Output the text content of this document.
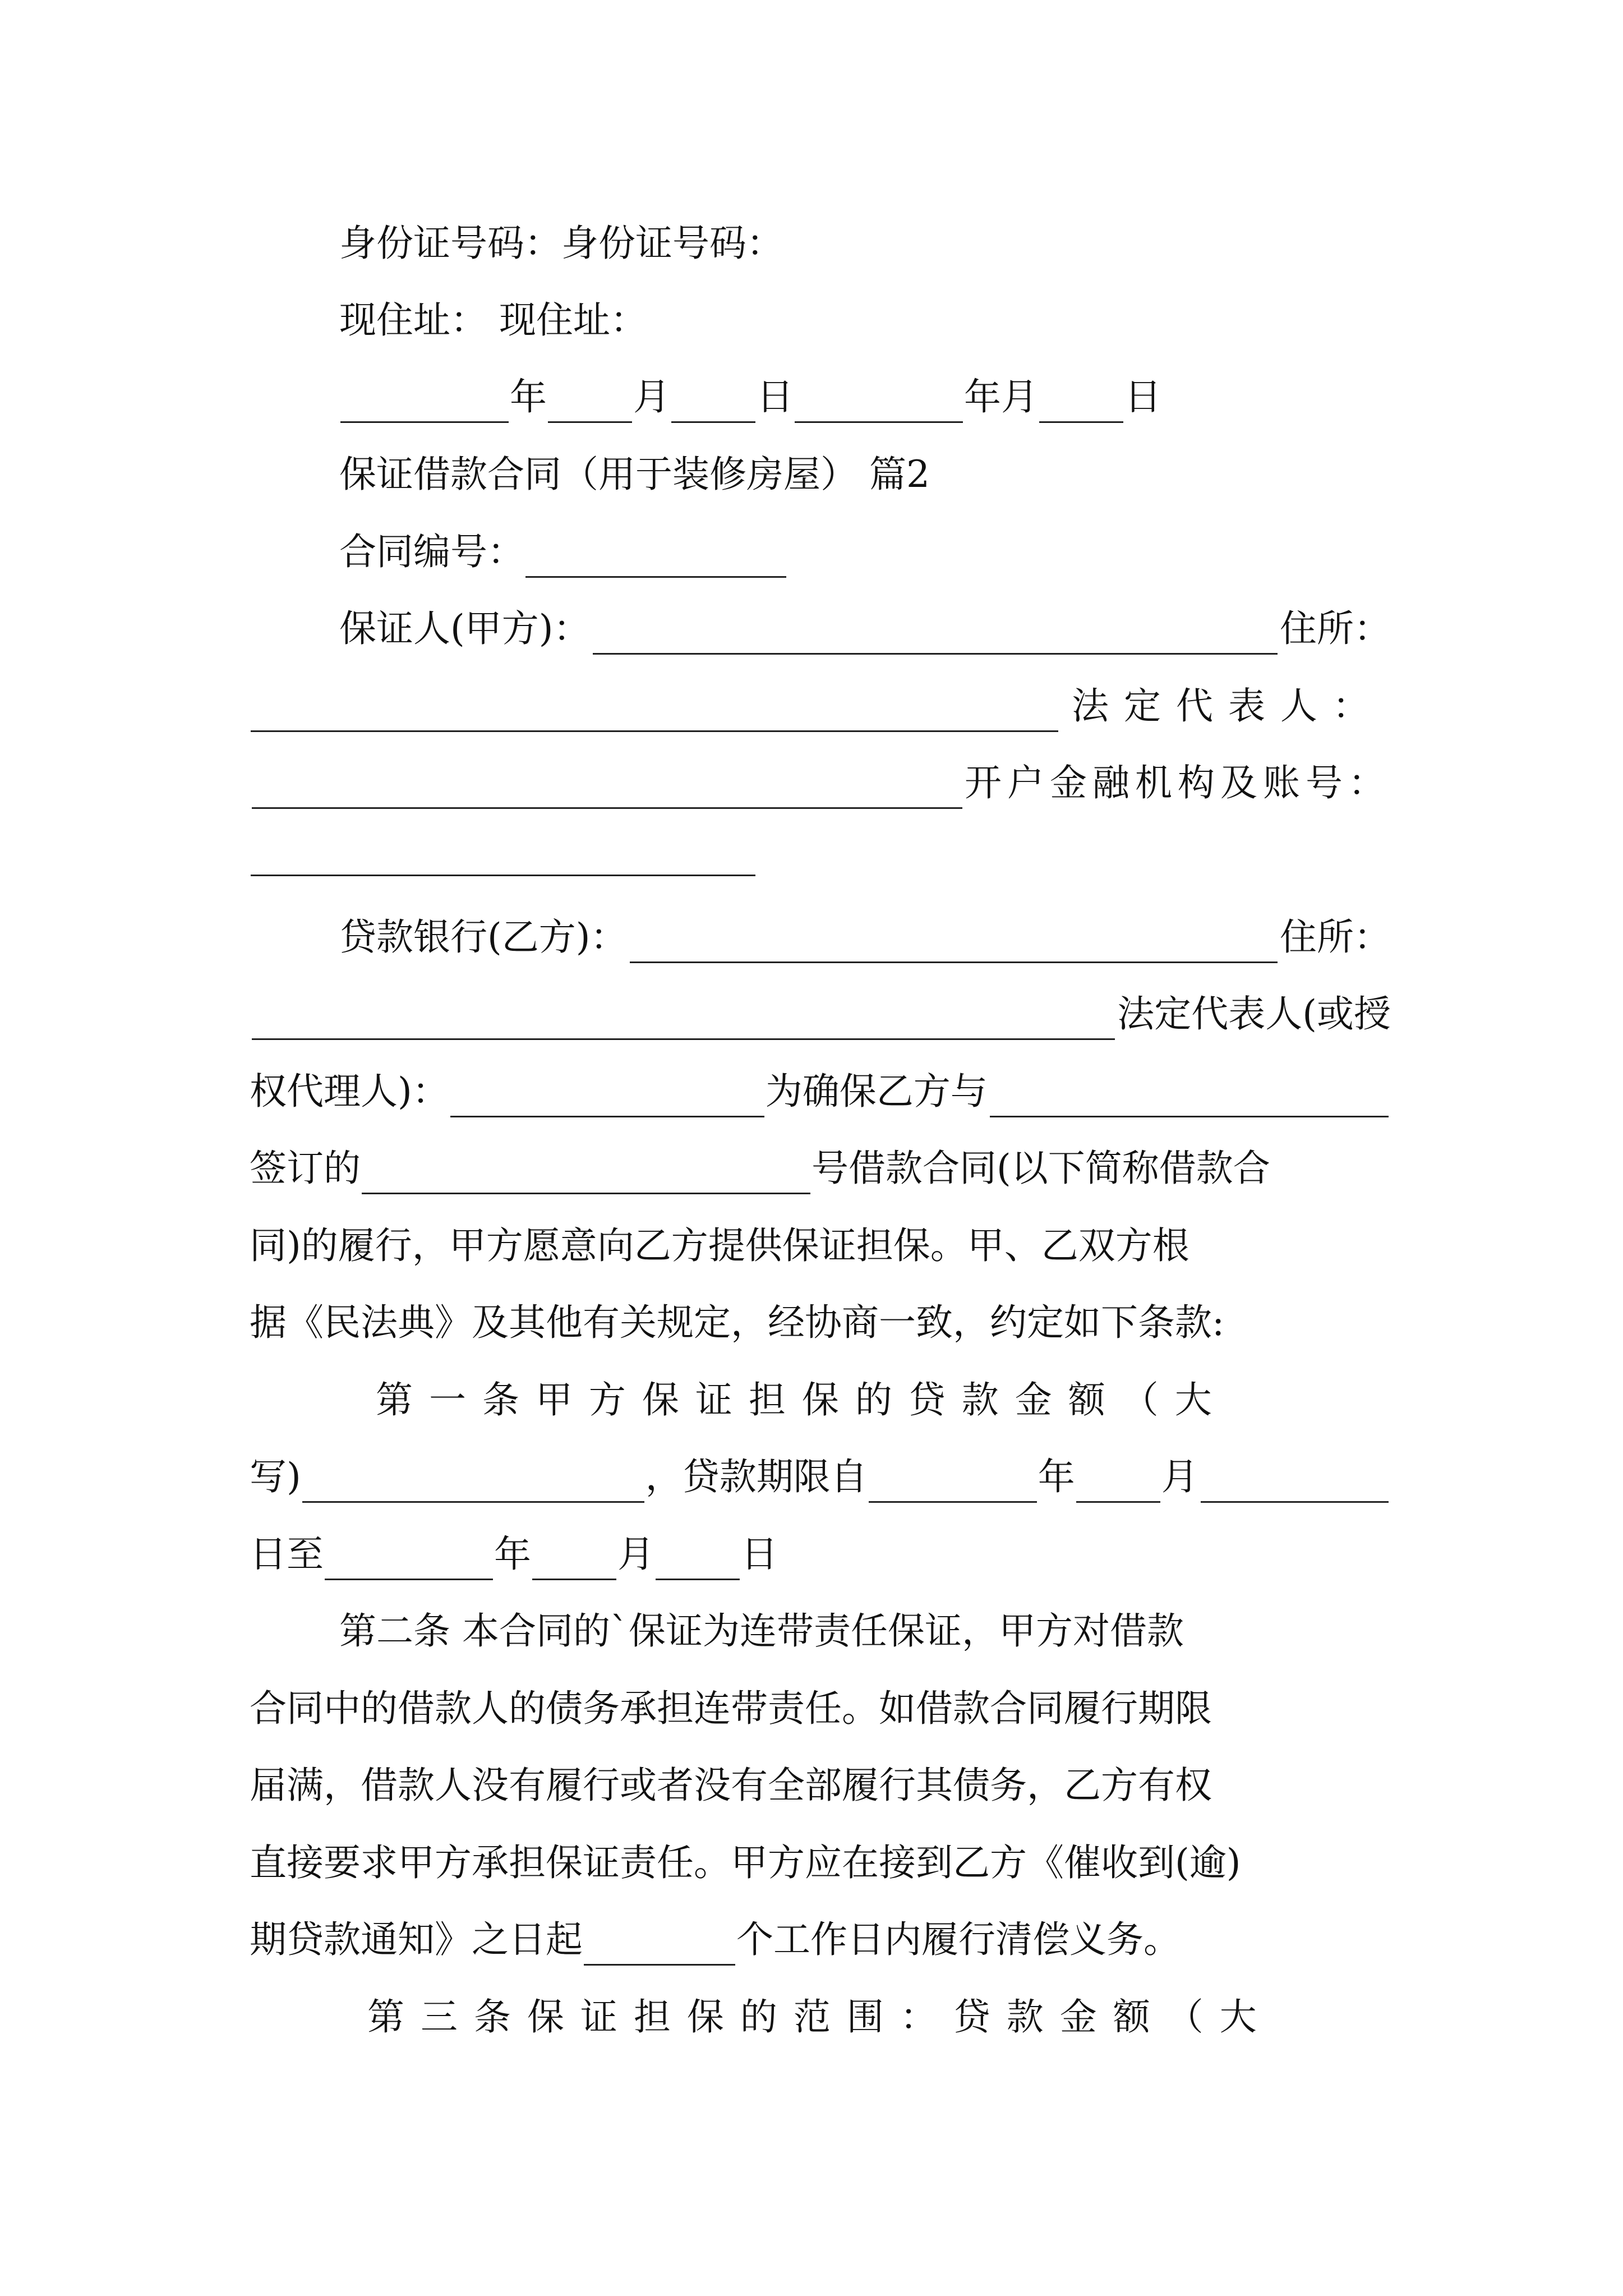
身份证号码：身份证号码：
现住址： 现住址：
年 月 日	年月 日
保证借款合同（用于装修房屋） 篇2
合同编号：
保证人(甲方)：	住所：
法 定 代 表 人 ：
开户金融机构及账号：
贷款银行(乙方)：	住所：
法定代表人(或授
权代理人)：	为确保乙方与
签订的	号借款合同(以下简称借款合
同)的履行，甲方愿意向乙方提供保证担保。甲、乙双方根
据《民法典》及其他有关规定，经协商一致，约定如下条款:
第 一 条 甲 方 保 证 担 保 的 贷 款 金 额 （ 大
写)	，贷款期限自	年 月
日至	年 月 日
第二条 本合同的`保证为连带责任保证，甲方对借款
合同中的借款人的债务承担连带责任。如借款合同履行期限
届满，借款人没有履行或者没有全部履行其债务，乙方有权
直接要求甲方承担保证责任。甲方应在接到乙方《催收到(逾)
期贷款通知》之日起	个工作日内履行清偿义务。
第 三 条 保 证 担 保 的 范 围 ： 贷 款 金 额 （ 大
